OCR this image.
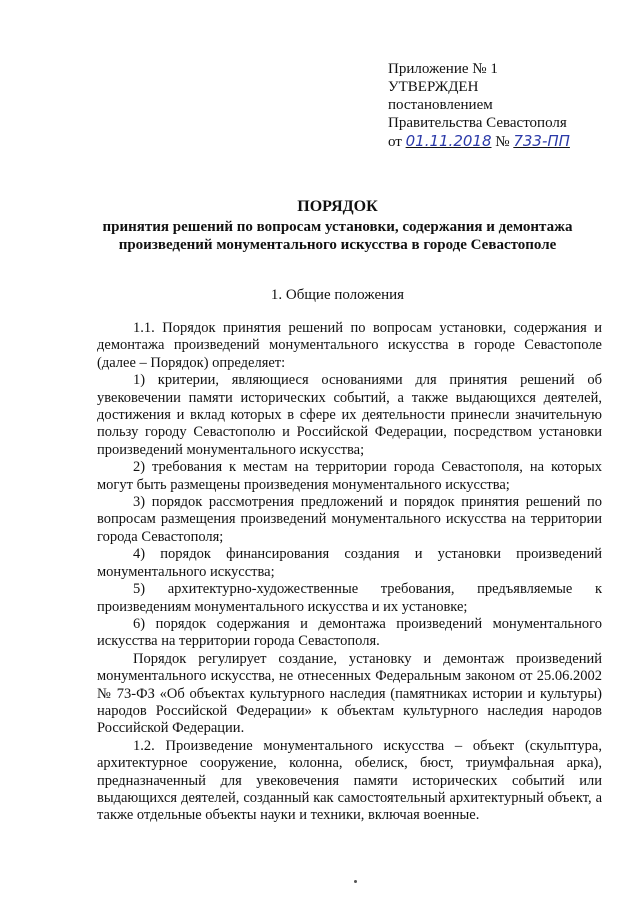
Приложение № 1
УТВЕРЖДЕН
постановлением
Правительства Севастополя
от 01.11.2018 № 733-ПП
ПОРЯДОК
принятия решений по вопросам установки, содержания и демонтажа
произведений монументального искусства в городе Севастополе
1. Общие положения

1.1. Порядок принятия решений по вопросам установки, содержания и демонтажа произведений монументального искусства в городе Севастополе (далее – Порядок) определяет:

1) критерии, являющиеся основаниями для принятия решений об увековечении памяти исторических событий, а также выдающихся деятелей, достижения и вклад которых в сфере их деятельности принесли значительную пользу городу Севастополю и Российской Федерации, посредством установки произведений монументального искусства;

2) требования к местам на территории города Севастополя, на которых могут быть размещены произведения монументального искусства;

3) порядок рассмотрения предложений и порядок принятия решений по вопросам размещения произведений монументального искусства на территории города Севастополя;

4) порядок финансирования создания и установки произведений монументального искусства;

5) архитектурно-художественные требования, предъявляемые к произведениям монументального искусства и их установке;

6) порядок содержания и демонтажа произведений монументального искусства на территории города Севастополя.

Порядок регулирует создание, установку и демонтаж произведений монументального искусства, не отнесенных Федеральным законом от 25.06.2002 № 73-ФЗ «Об объектах культурного наследия (памятниках истории и культуры) народов Российской Федерации» к объектам культурного наследия народов Российской Федерации.

1.2. Произведение монументального искусства – объект (скульптура, архитектурное сооружение, колонна, обелиск, бюст, триумфальная арка), предназначенный для увековечения памяти исторических событий или выдающихся деятелей, созданный как самостоятельный архитектурный объект, а также отдельные объекты науки и техники, включая военные.
